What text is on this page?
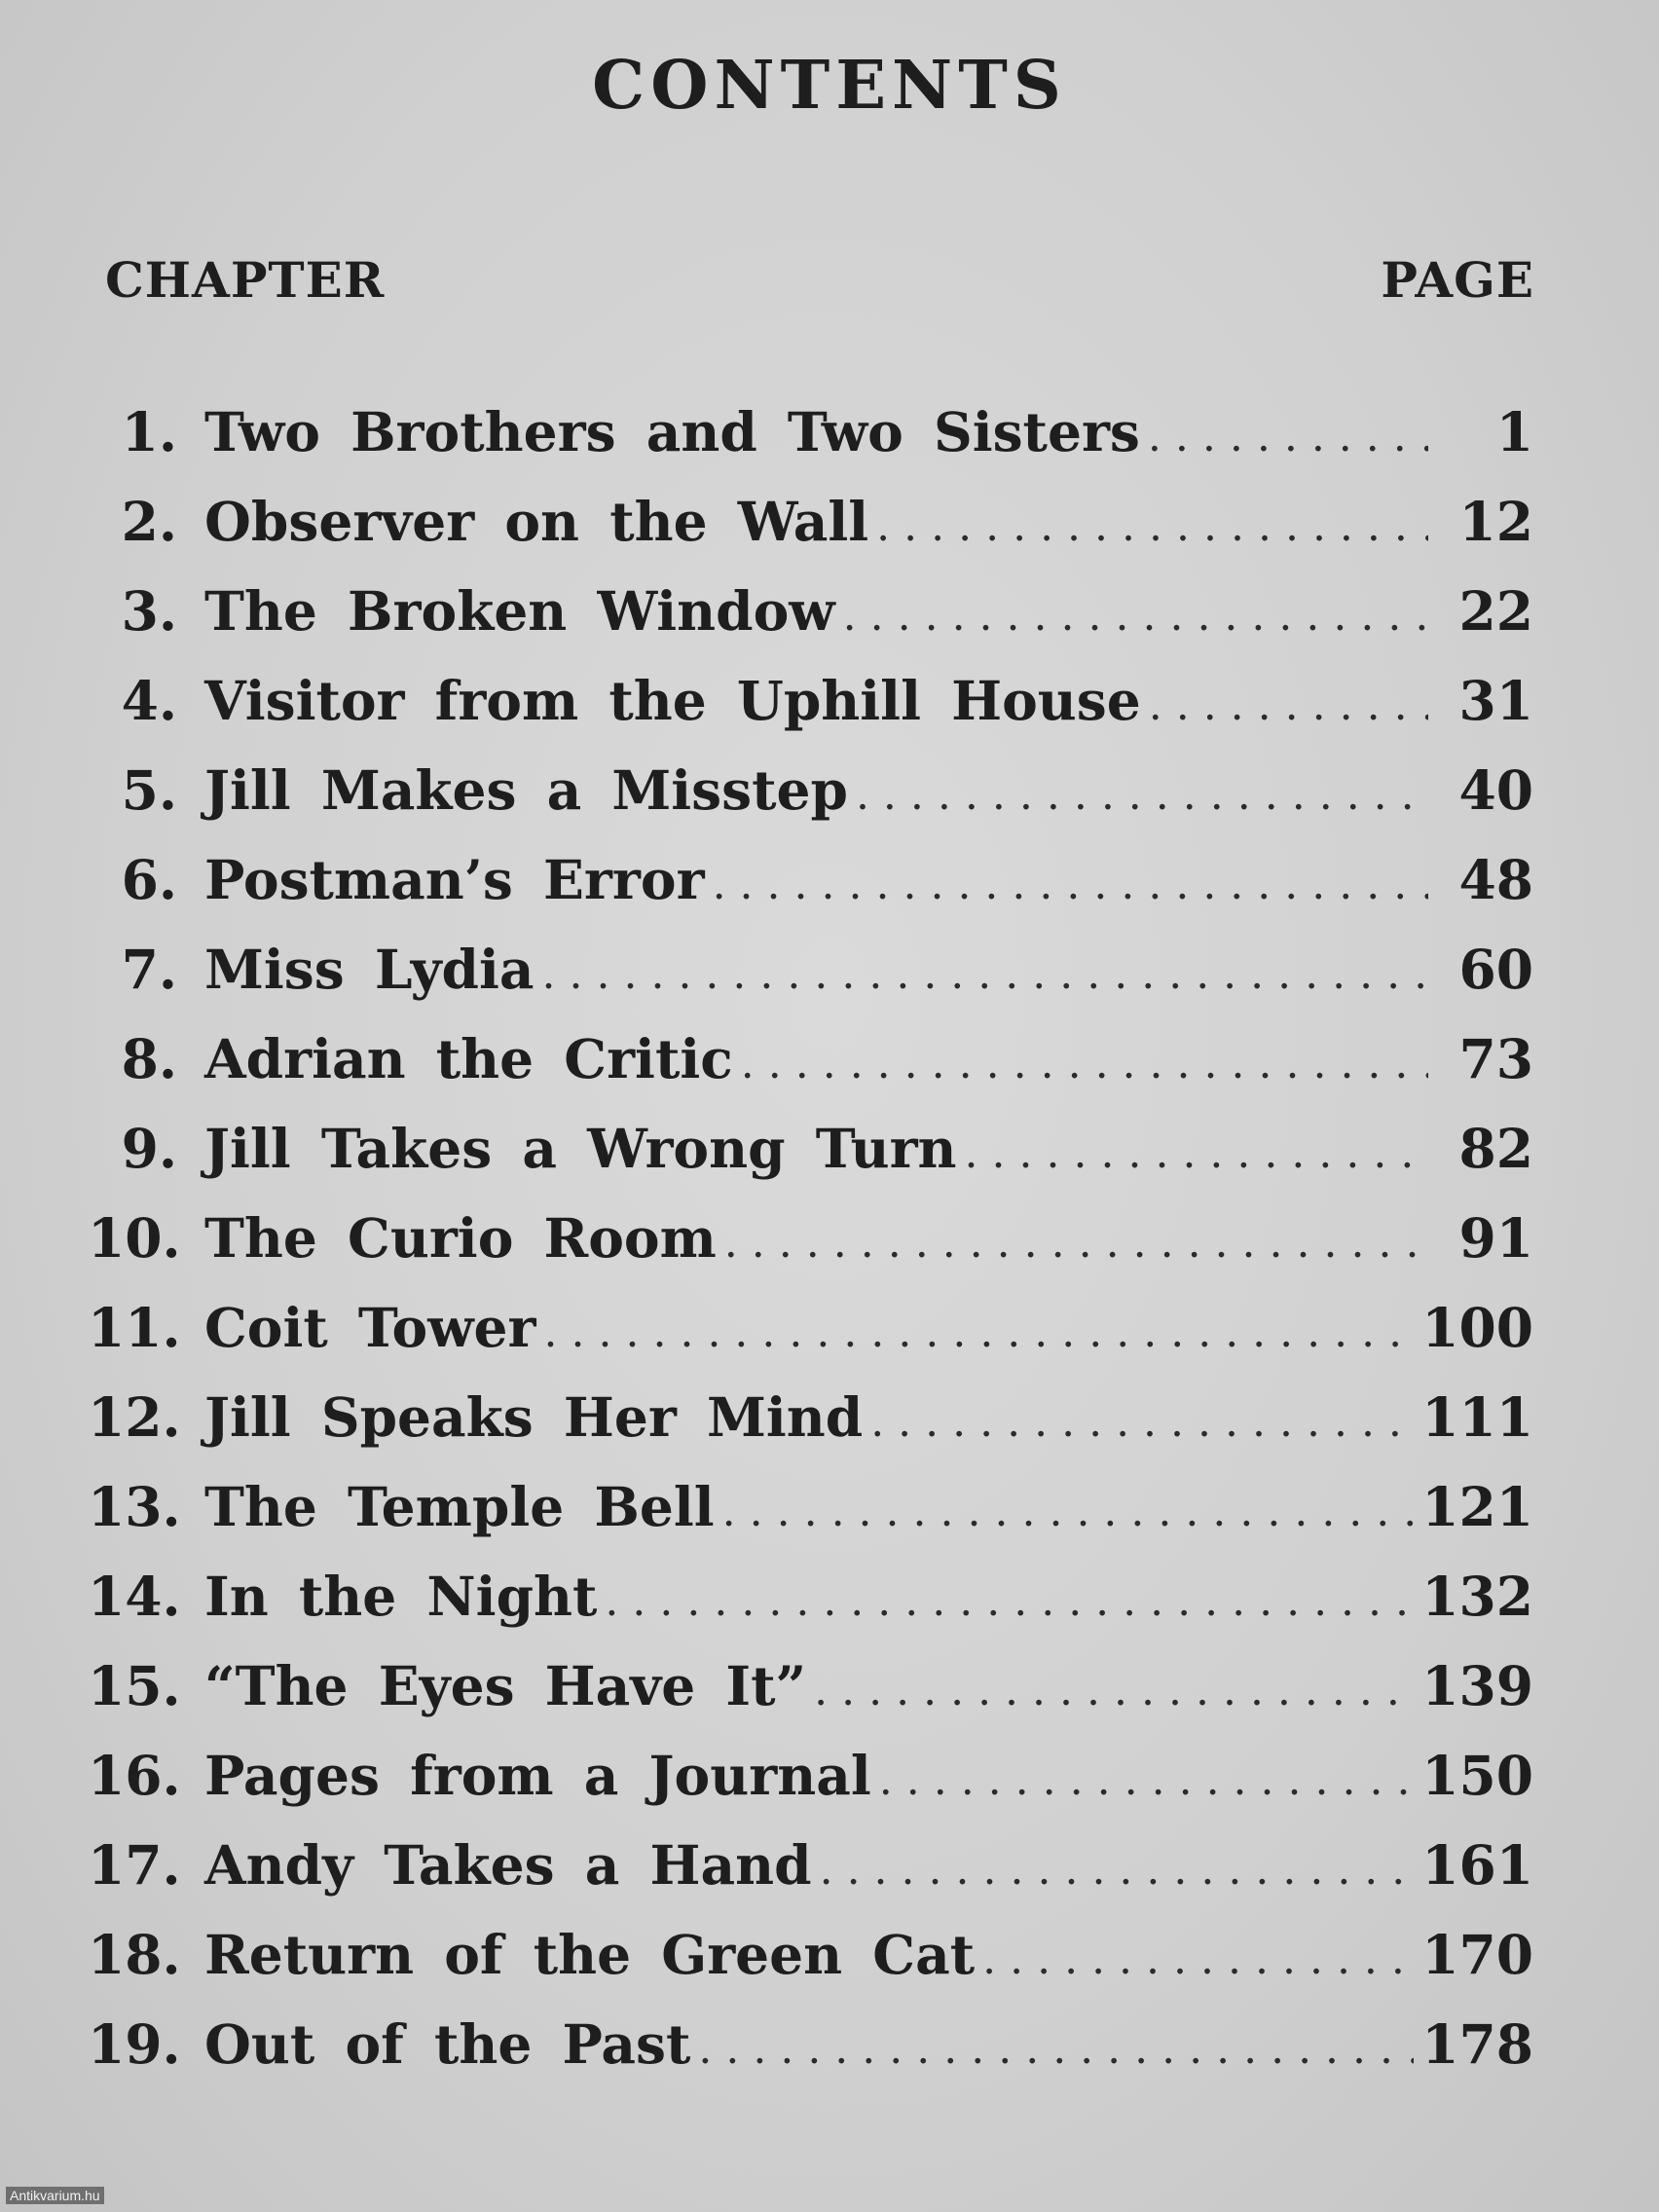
CONTENTS
CHAPTER	PAGE
1. Two Brothers and Two Sisters .....	1
2. Observer on the Wall .....	12
3. The Broken Window .....	22
4. Visitor from the Uphill House .....	31
5. Jill Makes a Misstep .....	40
6. Postman’s Error .....	48
7. Miss Lydia .....	60
8. Adrian the Critic .....	73
9. Jill Takes a Wrong Turn .....	82
10. The Curio Room .....	91
11. Coit Tower .....	100
12. Jill Speaks Her Mind .....	111
13. The Temple Bell .....	121
14. In the Night .....	132
15. “The Eyes Have It” .....	139
16. Pages from a Journal .....	150
17. Andy Takes a Hand .....	161
18. Return of the Green Cat .....	170
19. Out of the Past .....	178
Antikvarium.hu
